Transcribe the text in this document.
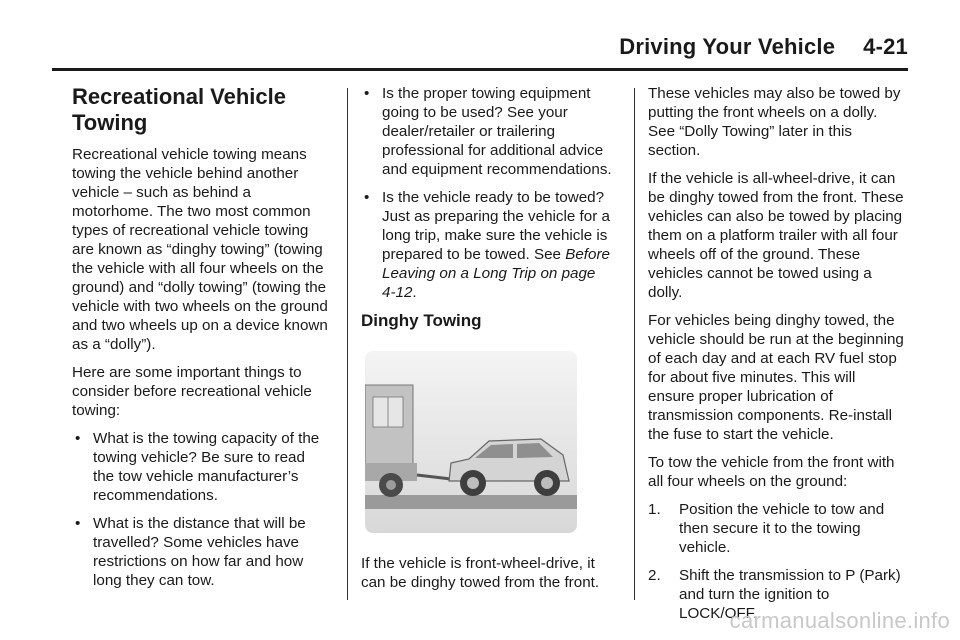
Driving Your Vehicle 4-21
Recreational Vehicle Towing

Recreational vehicle towing means towing the vehicle behind another vehicle – such as behind a motorhome. The two most common types of recreational vehicle towing are known as “dinghy towing” (towing the vehicle with all four wheels on the ground) and “dolly towing” (towing the vehicle with two wheels on the ground and two wheels up on a device known as a “dolly”).

Here are some important things to consider before recreational vehicle towing:

• What is the towing capacity of the towing vehicle? Be sure to read the tow vehicle manufacturer’s recommendations.
• What is the distance that will be travelled? Some vehicles have restrictions on how far and how long they can tow.
• Is the proper towing equipment going to be used? See your dealer/retailer or trailering professional for additional advice and equipment recommendations.
• Is the vehicle ready to be towed? Just as preparing the vehicle for a long trip, make sure the vehicle is prepared to be towed. See Before Leaving on a Long Trip on page 4‑12.
Dinghy Towing

If the vehicle is front-wheel-drive, it can be dinghy towed from the front.

These vehicles may also be towed by putting the front wheels on a dolly. See “Dolly Towing” later in this section.

If the vehicle is all-wheel-drive, it can be dinghy towed from the front. These vehicles can also be towed by placing them on a platform trailer with all four wheels off of the ground. These vehicles cannot be towed using a dolly.

For vehicles being dinghy towed, the vehicle should be run at the beginning of each day and at each RV fuel stop for about five minutes. This will ensure proper lubrication of transmission components. Re-install the fuse to start the vehicle.

To tow the vehicle from the front with all four wheels on the ground:

1. Position the vehicle to tow and then secure it to the towing vehicle.
2. Shift the transmission to P (Park) and turn the ignition to LOCK/OFF.
carmanualsonline.info
